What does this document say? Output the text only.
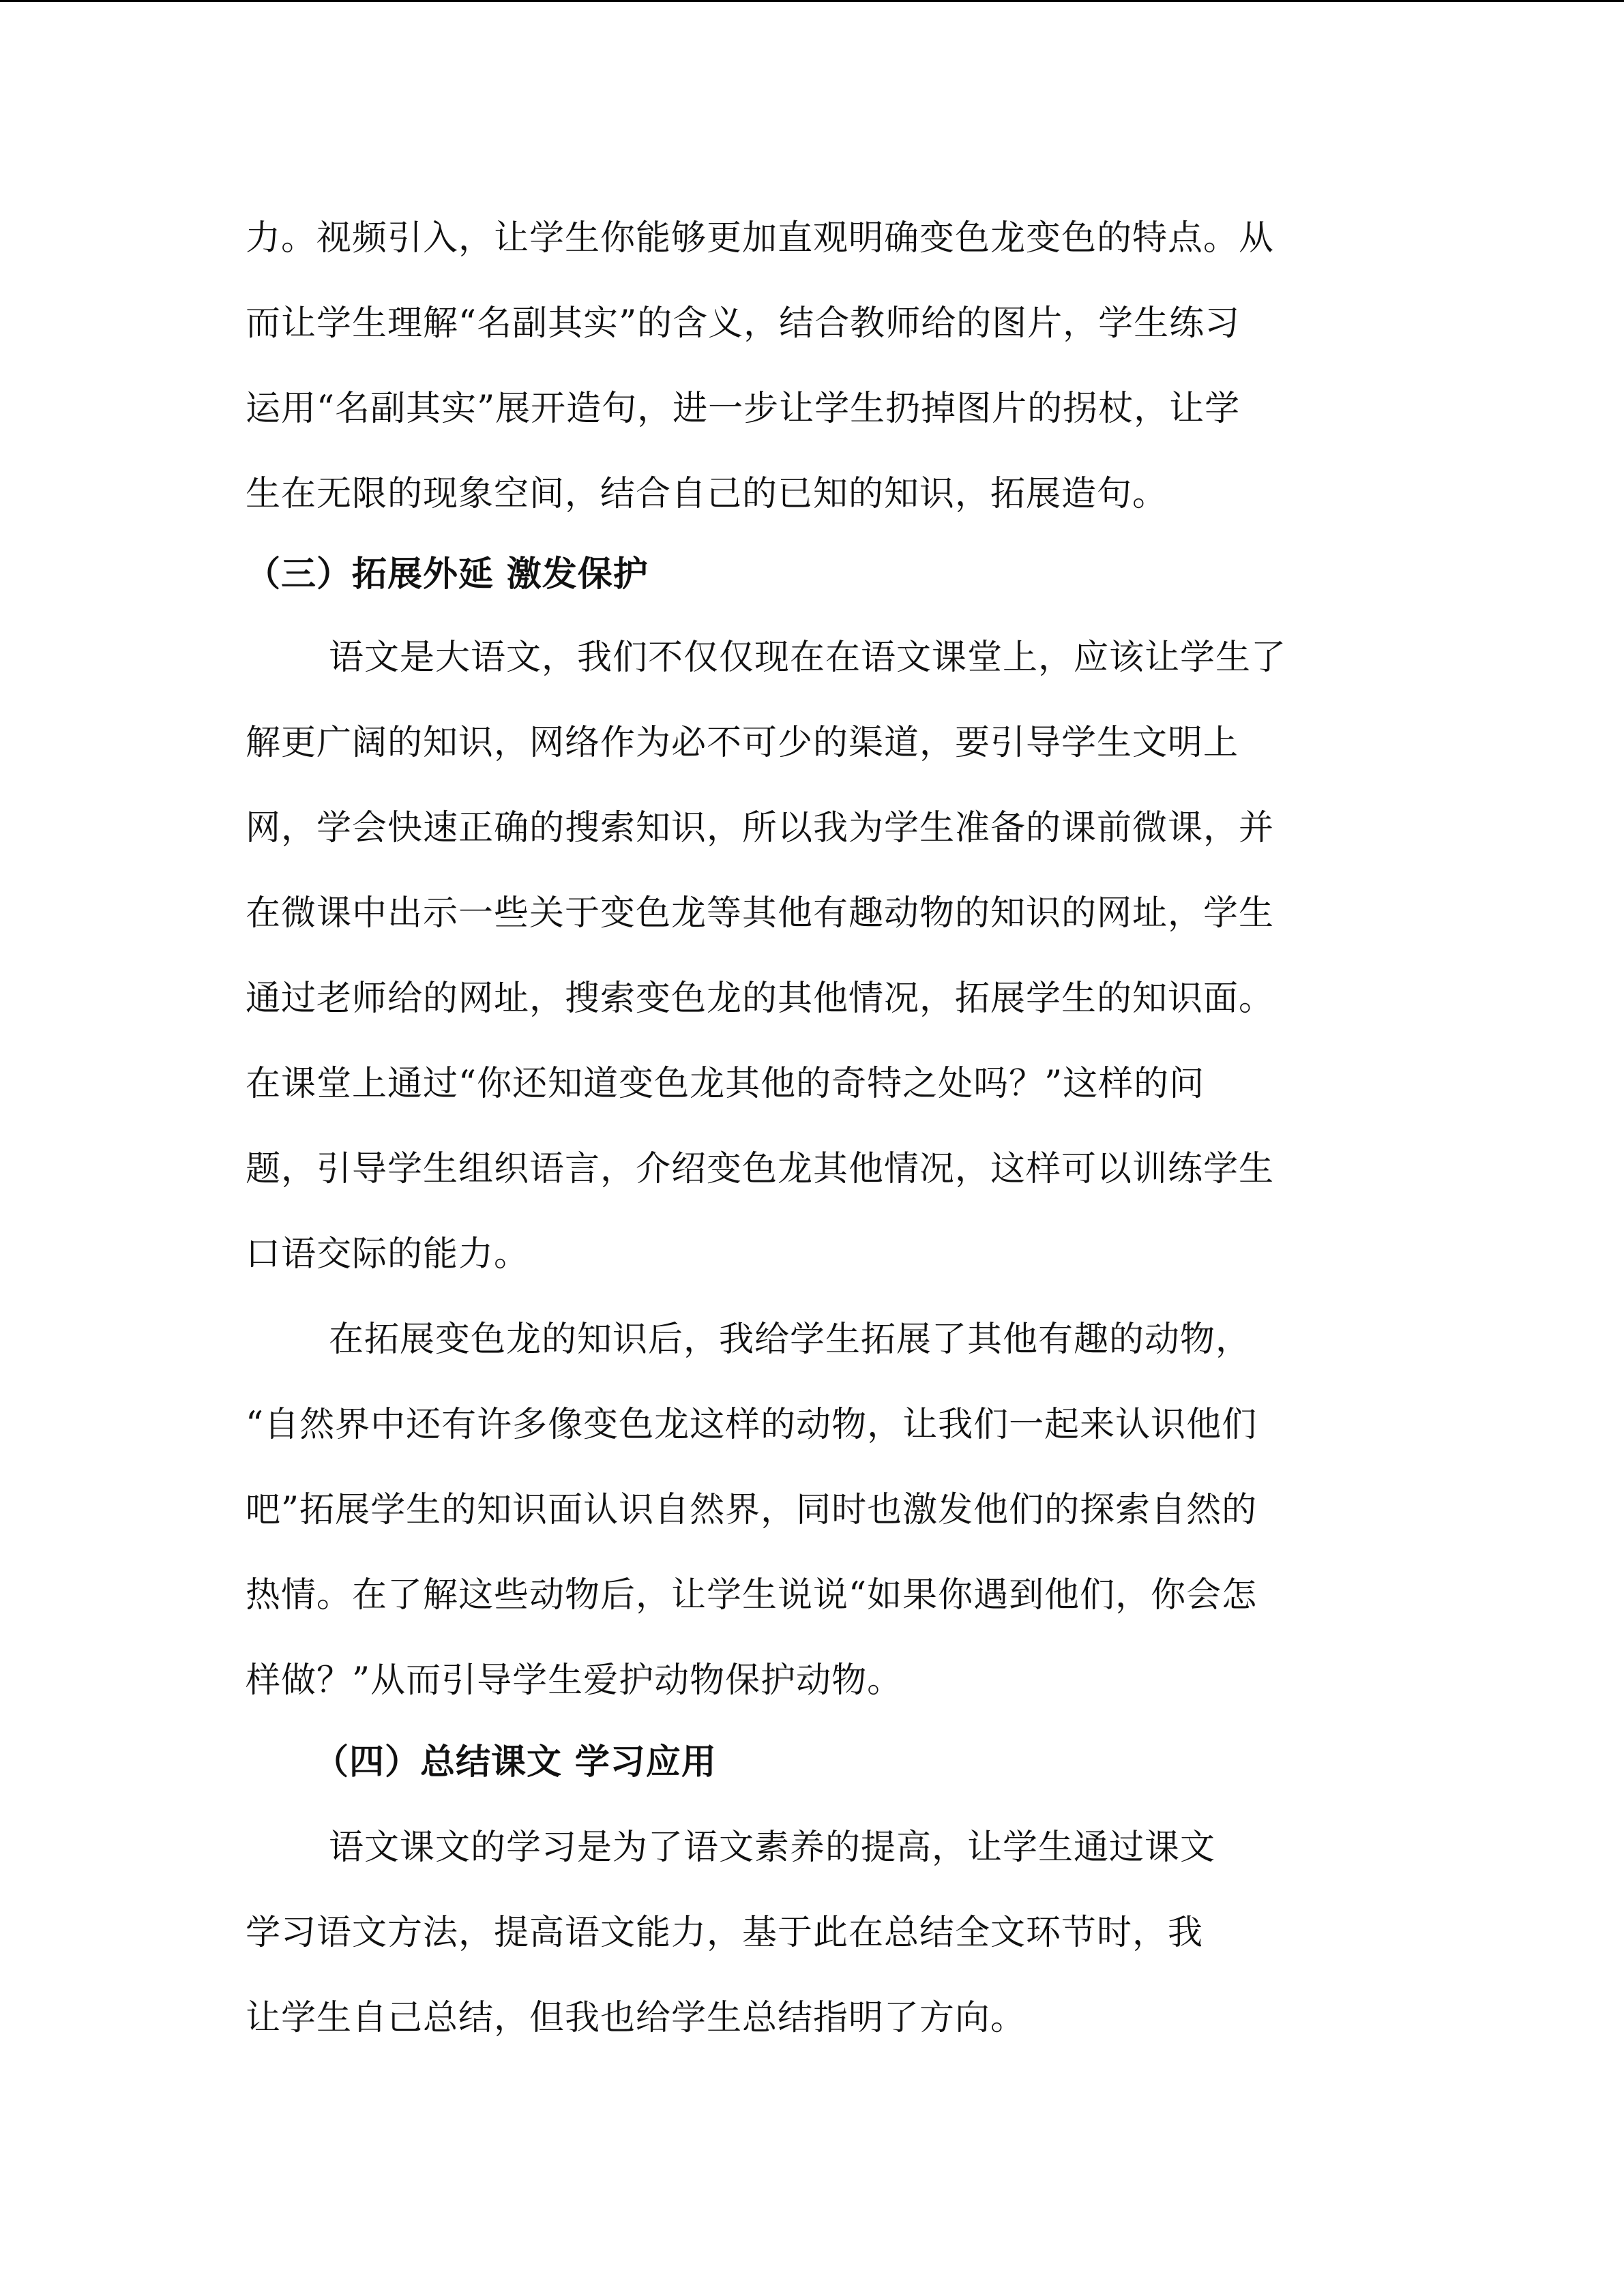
力。视频引入，让学生你能够更加直观明确变色龙变色的特点。从
而让学生理解“名副其实”的含义，结合教师给的图片，学生练习
运用“名副其实”展开造句，进一步让学生扔掉图片的拐杖，让学
生在无限的现象空间，结合自己的已知的知识，拓展造句。
（三）拓展外延 激发保护
语文是大语文，我们不仅仅现在在语文课堂上，应该让学生了
解更广阔的知识，网络作为必不可少的渠道，要引导学生文明上
网，学会快速正确的搜索知识，所以我为学生准备的课前微课，并
在微课中出示一些关于变色龙等其他有趣动物的知识的网址，学生
通过老师给的网址，搜索变色龙的其他情况，拓展学生的知识面。
在课堂上通过“你还知道变色龙其他的奇特之处吗？”这样的问
题，引导学生组织语言，介绍变色龙其他情况，这样可以训练学生
口语交际的能力。
在拓展变色龙的知识后，我给学生拓展了其他有趣的动物，
“自然界中还有许多像变色龙这样的动物，让我们一起来认识他们
吧”拓展学生的知识面认识自然界，同时也激发他们的探索自然的
热情。在了解这些动物后，让学生说说“如果你遇到他们，你会怎
样做？”从而引导学生爱护动物保护动物。
（四）总结课文 学习应用
语文课文的学习是为了语文素养的提高，让学生通过课文
学习语文方法，提高语文能力，基于此在总结全文环节时，我
让学生自己总结，但我也给学生总结指明了方向。
